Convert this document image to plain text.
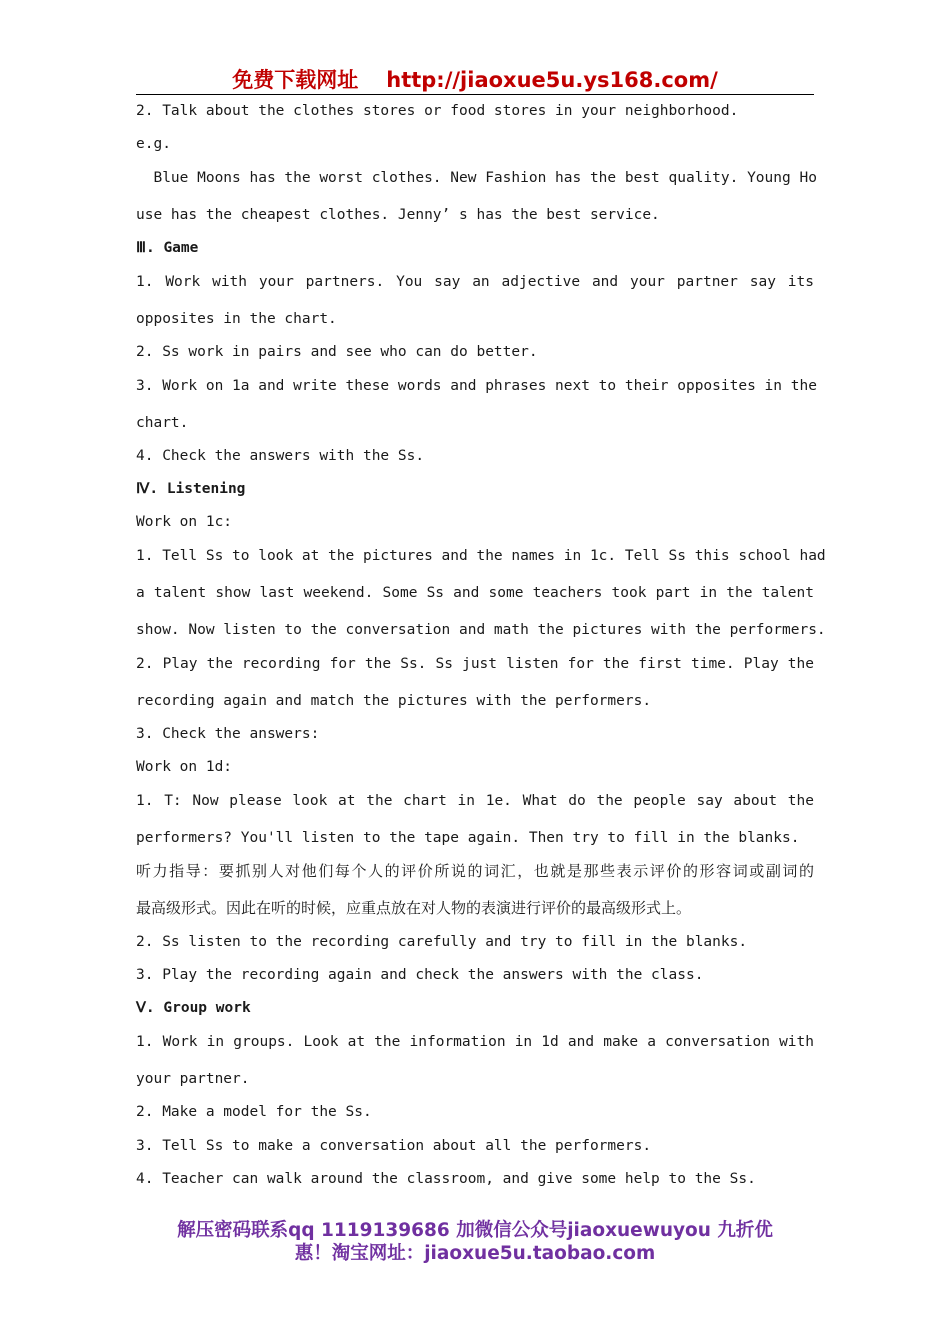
免费下载网址 http://jiaoxue5u.ys168.com/
2. Talk about the clothes stores or food stores in your neighborhood.
e.g.
Blue Moons has the worst clothes. New Fashion has the best quality. Young Ho
use has the cheapest clothes. Jenny’ s has the best service.
Ⅲ. Game
1. Work with your partners. You say an adjective and your partner say its
opposites in the chart.
2. Ss work in pairs and see who can do better.
3. Work on 1a and write these words and phrases next to their opposites in the
chart.
4. Check the answers with the Ss.
Ⅳ. Listening
Work on 1c:
1. Tell Ss to look at the pictures and the names in 1c. Tell Ss this school had
a talent show last weekend. Some Ss and some teachers took part in the talent
show. Now listen to the conversation and math the pictures with the performers.
2. Play the recording for the Ss. Ss just listen for the first time. Play the
recording again and match the pictures with the performers.
3. Check the answers:
Work on 1d:
1. T: Now please look at the chart in 1e. What do the people say about the
performers? You'll listen to the tape again. Then try to fill in the blanks.
听力指导：要抓别人对他们每个人的评价所说的词汇，也就是那些表示评价的形容词或副词的
最高级形式。因此在听的时候，应重点放在对人物的表演进行评价的最高级形式上。
2. Ss listen to the recording carefully and try to fill in the blanks.
3. Play the recording again and check the answers with the class.
Ⅴ. Group work
1. Work in groups. Look at the information in 1d and make a conversation with
your partner.
2. Make a model for the Ss.
3. Tell Ss to make a conversation about all the performers.
4. Teacher can walk around the classroom, and give some help to the Ss.
解压密码联系qq 1119139686 加微信公众号jiaoxuewuyou 九折优
惠！淘宝网址：jiaoxue5u.taobao.com
